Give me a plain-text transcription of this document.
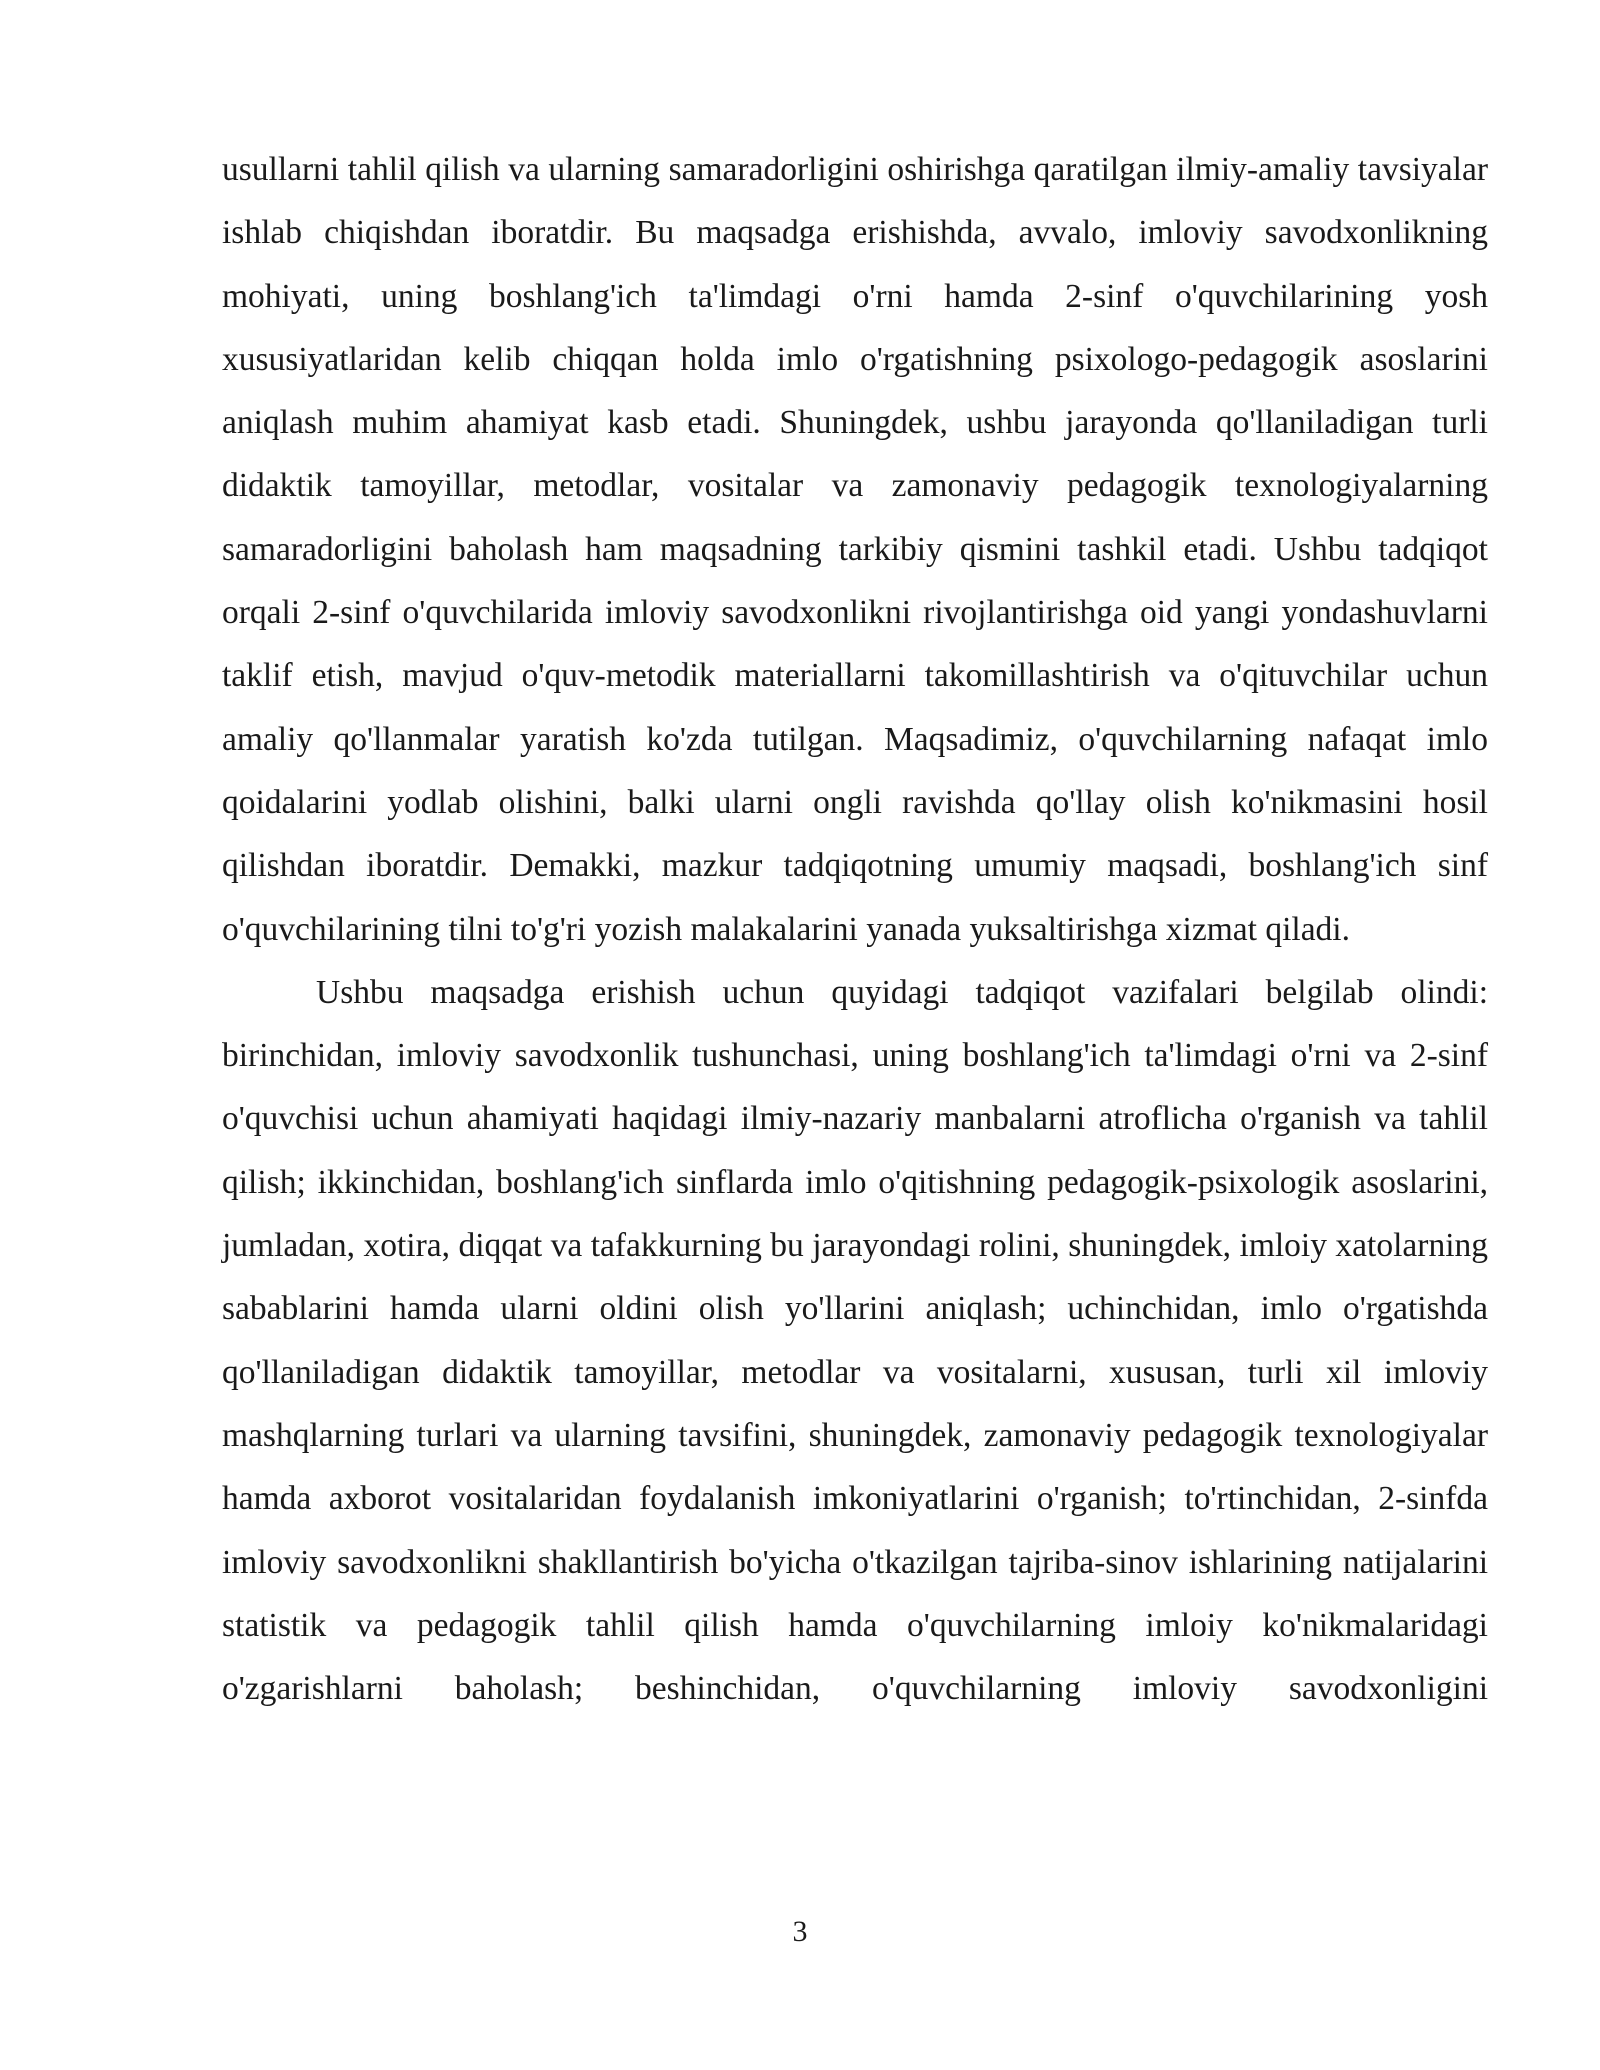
usullarni tahlil qilish va ularning samaradorligini oshirishga qaratilgan ilmiy-amaliy tavsiyalar ishlab chiqishdan iboratdir. Bu maqsadga erishishda, avvalo, imloviy savodxonlikning mohiyati, uning boshlang'ich ta'limdagi o'rni hamda 2-sinf o'quvchilarining yosh xususiyatlaridan kelib chiqqan holda imlo o'rgatishning psixologo-pedagogik asoslarini aniqlash muhim ahamiyat kasb etadi. Shuningdek, ushbu jarayonda qo'llaniladigan turli didaktik tamoyillar, metodlar, vositalar va zamonaviy pedagogik texnologiyalarning samaradorligini baholash ham maqsadning tarkibiy qismini tashkil etadi. Ushbu tadqiqot orqali 2-sinf o'quvchilarida imloviy savodxonlikni rivojlantirishga oid yangi yondashuvlarni taklif etish, mavjud o'quv-metodik materiallarni takomillashtirish va o'qituvchilar uchun amaliy qo'llanmalar yaratish ko'zda tutilgan. Maqsadimiz, o'quvchilarning nafaqat imlo qoidalarini yodlab olishini, balki ularni ongli ravishda qo'llay olish ko'nikmasini hosil qilishdan iboratdir. Demakki, mazkur tadqiqotning umumiy maqsadi, boshlang'ich sinf o'quvchilarining tilni to'g'ri yozish malakalarini yanada yuksaltirishga xizmat qiladi.

Ushbu maqsadga erishish uchun quyidagi tadqiqot vazifalari belgilab olindi: birinchidan, imloviy savodxonlik tushunchasi, uning boshlang'ich ta'limdagi o'rni va 2-sinf o'quvchisi uchun ahamiyati haqidagi ilmiy-nazariy manbalarni atroflicha o'rganish va tahlil qilish; ikkinchidan, boshlang'ich sinflarda imlo o'qitishning pedagogik-psixologik asoslarini, jumladan, xotira, diqqat va tafakkurning bu jarayondagi rolini, shuningdek, imloiy xatolarning sabablarini hamda ularni oldini olish yo'llarini aniqlash; uchinchidan, imlo o'rgatishda qo'llaniladigan didaktik tamoyillar, metodlar va vositalarni, xususan, turli xil imloviy mashqlarning turlari va ularning tavsifini, shuningdek, zamonaviy pedagogik texnologiyalar hamda axborot vositalaridan foydalanish imkoniyatlarini o'rganish; to'rtinchidan, 2-sinfda imloviy savodxonlikni shakllantirish bo'yicha o'tkazilgan tajriba-sinov ishlarining natijalarini statistik va pedagogik tahlil qilish hamda o'quvchilarning imloiy ko'nikmalaridagi o'zgarishlarni baholash; beshinchidan, o'quvchilarning imloviy savodxonligini

3
